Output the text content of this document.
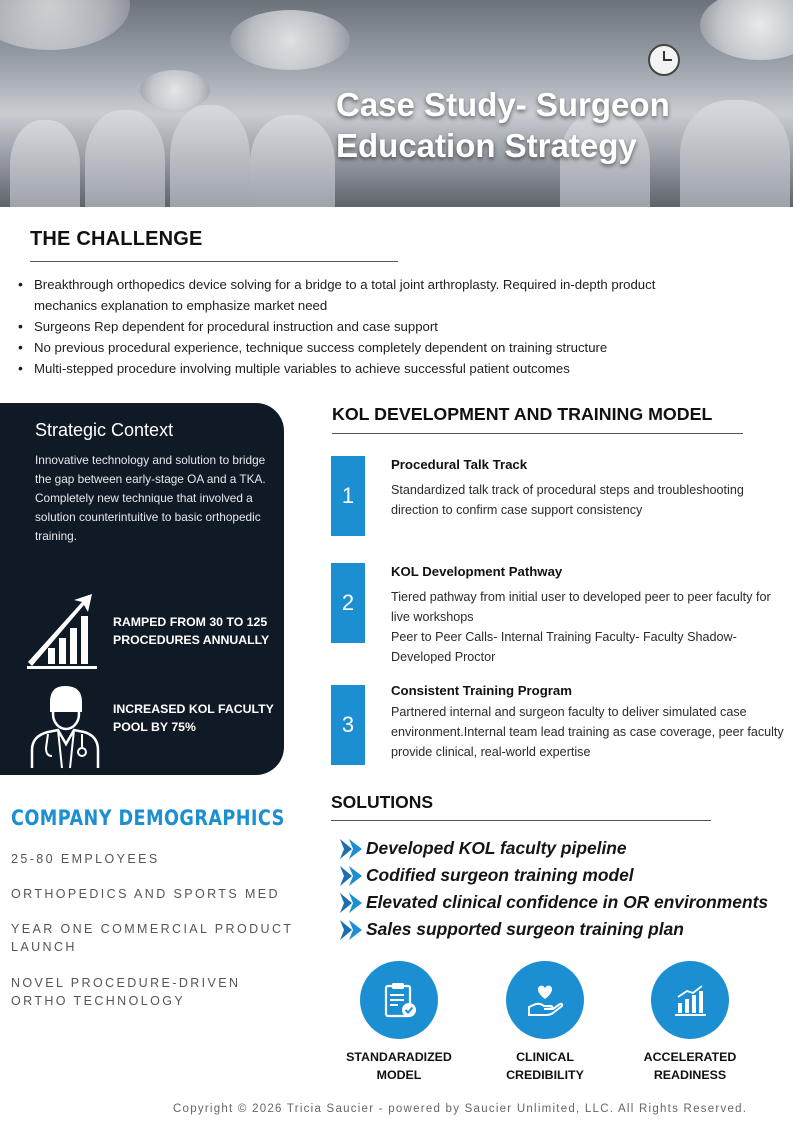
Case Study- Surgeon
Education Strategy
THE CHALLENGE
• Breakthrough orthopedics device solving for a bridge to a total joint arthroplasty. Required in-depth product mechanics explanation to emphasize market need
• Surgeons Rep dependent for procedural instruction and case support
• No previous procedural experience, technique success completely dependent on training structure
• Multi-stepped procedure involving multiple variables to achieve successful patient outcomes
Strategic Context
Innovative technology and solution to bridge the gap between early-stage OA and a TKA. Completely new technique that involved a solution counterintuitive to basic orthopedic training.
RAMPED FROM 30 TO 125 PROCEDURES ANNUALLY
INCREASED KOL FACULTY POOL BY 75%
COMPANY DEMOGRAPHICS
25-80 EMPLOYEES
ORTHOPEDICS AND SPORTS MED
YEAR ONE COMMERCIAL PRODUCT LAUNCH
NOVEL PROCEDURE-DRIVEN ORTHO TECHNOLOGY
KOL DEVELOPMENT AND TRAINING MODEL
1
Procedural Talk Track
Standardized talk track of procedural steps and troubleshooting direction to confirm case support consistency
2
KOL Development Pathway
Tiered pathway from initial user to developed peer to peer faculty for live workshops
Peer to Peer Calls- Internal Training Faculty- Faculty Shadow- Developed Proctor
3
Consistent Training Program
Partnered internal and surgeon faculty to deliver simulated case environment.Internal team lead training as case coverage, peer faculty provide clinical, real-world expertise
SOLUTIONS
Developed KOL faculty pipeline
Codified surgeon training model
Elevated clinical confidence in OR environments
Sales supported surgeon training plan
STANDARADIZED
MODEL
CLINICAL
CREDIBILITY
ACCELERATED
READINESS
Copyright © 2026 Tricia Saucier - powered by Saucier Unlimited, LLC. All Rights Reserved.
